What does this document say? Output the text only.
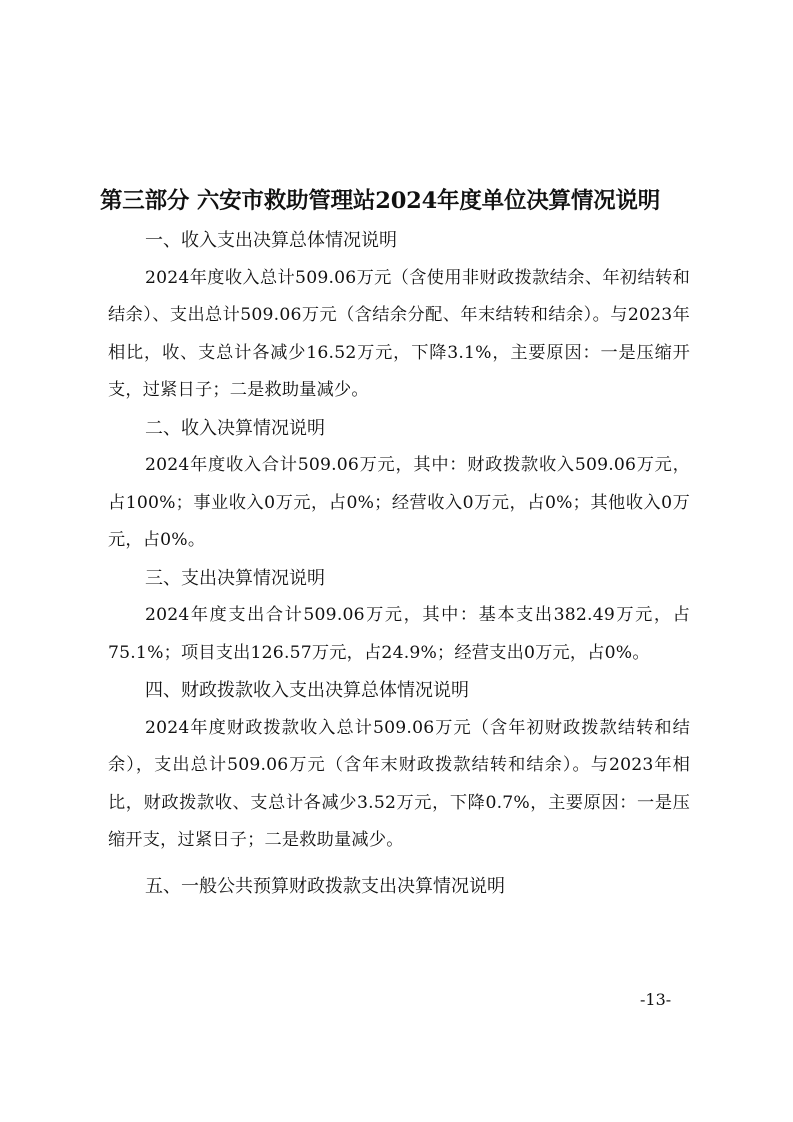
第三部分 六安市救助管理站2024年度单位决算情况说明

一、收入支出决算总体情况说明

2024年度收入总计509.06万元（含使用非财政拨款结余、年初结转和结余）、支出总计509.06万元（含结余分配、年末结转和结余）。与2023年相比，收、支总计各减少16.52万元，下降3.1%，主要原因：一是压缩开支，过紧日子；二是救助量减少。

二、收入决算情况说明

2024年度收入合计509.06万元，其中：财政拨款收入509.06万元，占100%；事业收入0万元，占0%；经营收入0万元，占0%；其他收入0万元，占0%。

三、支出决算情况说明

2024年度支出合计509.06万元，其中：基本支出382.49万元，占75.1%；项目支出126.57万元，占24.9%；经营支出0万元，占0%。

四、财政拨款收入支出决算总体情况说明

2024年度财政拨款收入总计509.06万元（含年初财政拨款结转和结余），支出总计509.06万元（含年末财政拨款结转和结余）。与2023年相比，财政拨款收、支总计各减少3.52万元，下降0.7%，主要原因：一是压缩开支，过紧日子；二是救助量减少。

五、一般公共预算财政拨款支出决算情况说明

-13-
